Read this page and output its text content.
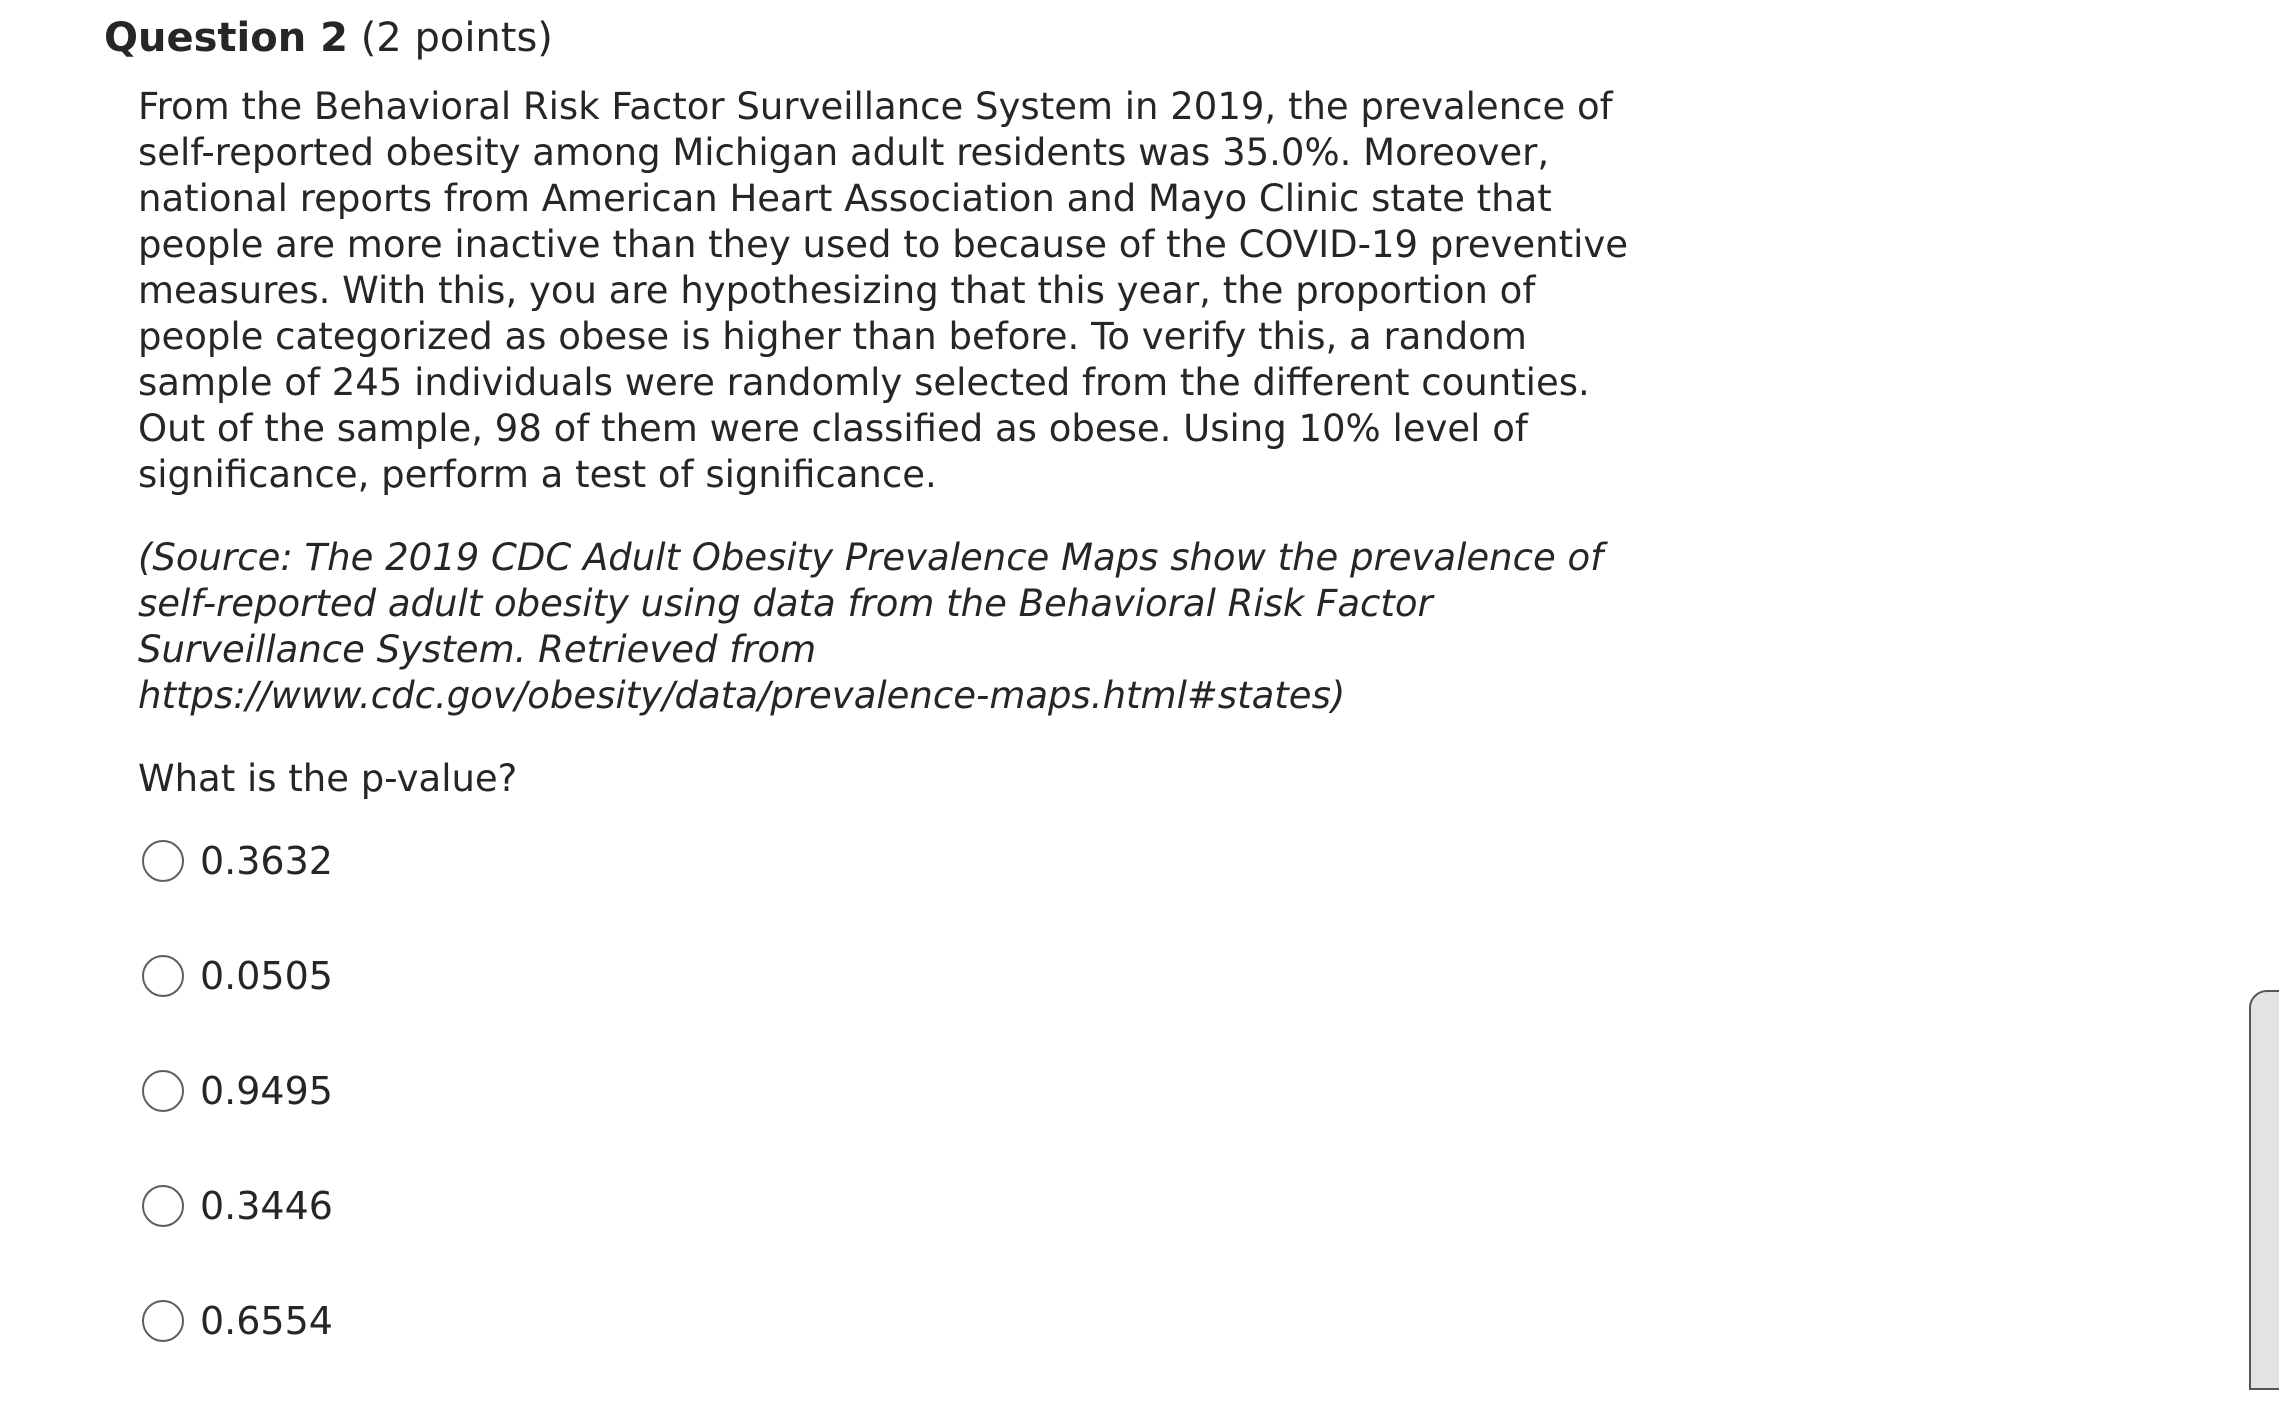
Question 2 (2 points)

From the Behavioral Risk Factor Surveillance System in 2019, the prevalence of self-reported obesity among Michigan adult residents was 35.0%. Moreover, national reports from American Heart Association and Mayo Clinic state that people are more inactive than they used to because of the COVID-19 preventive measures. With this, you are hypothesizing that this year, the proportion of people categorized as obese is higher than before. To verify this, a random sample of 245 individuals were randomly selected from the different counties. Out of the sample, 98 of them were classified as obese. Using 10% level of significance, perform a test of significance.

(Source: The 2019 CDC Adult Obesity Prevalence Maps show the prevalence of self-reported adult obesity using data from the Behavioral Risk Factor Surveillance System. Retrieved from https://www.cdc.gov/obesity/data/prevalence-maps.html#states)

What is the p-value?

0.3632
0.0505
0.9495
0.3446
0.6554
